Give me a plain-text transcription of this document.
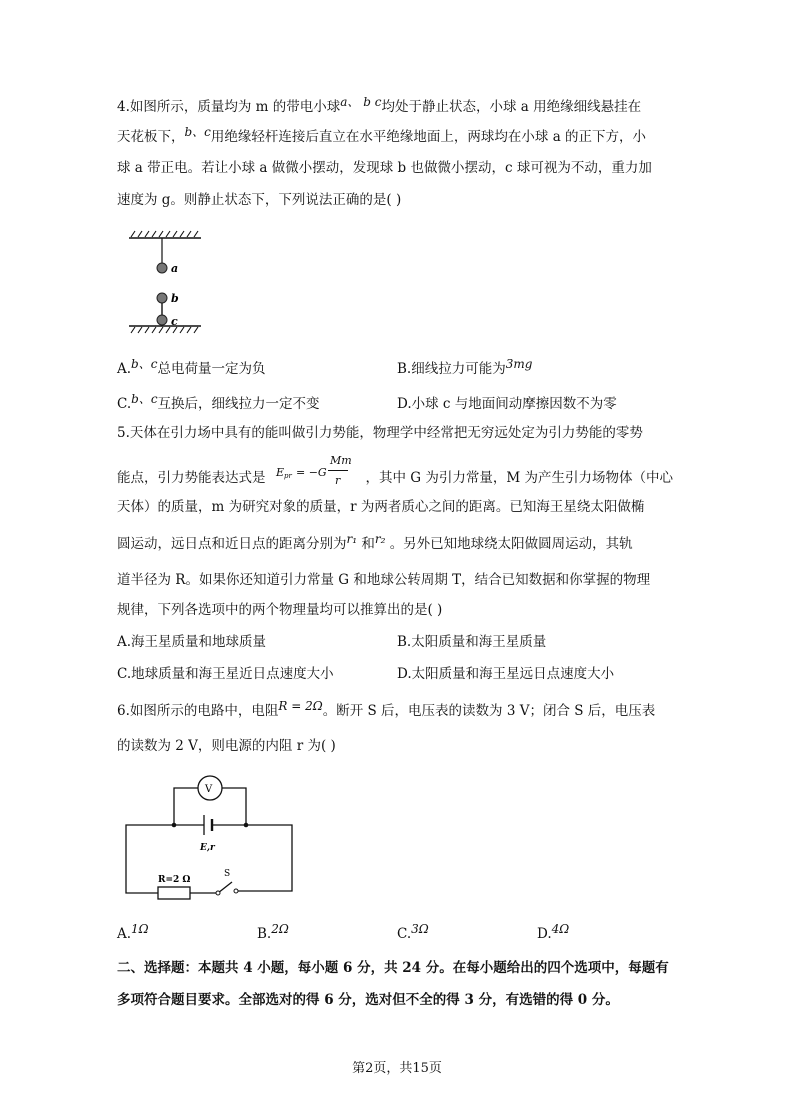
4.如图所示，质量均为 m 的带电小球a、 b c均处于静止状态，小球 a 用绝缘细线悬挂在
天花板下，b、c用绝缘轻杆连接后直立在水平绝缘地面上，两球均在小球 a 的正下方，小
球 a 带正电。若让小球 a 做微小摆动，发现球 b 也做微小摆动，c 球可视为不动，重力加
速度为 g。则静止状态下，下列说法正确的是( )
a
b
c
A.b、c总电荷量一定为负	B.细线拉力可能为3mg
C.b、c互换后，细线拉力一定不变	D.小球 c 与地面间动摩擦因数不为零
5.天体在引力场中具有的能叫做引力势能，物理学中经常把无穷远处定为引力势能的零势
能点，引力势能表达式是	，其中 G 为引力常量，M 为产生引力场物体（中心
E pr = −G
Mm
r
天体）的质量，m 为研究对象的质量，r 为两者质心之间的距离。已知海王星绕太阳做椭
圆运动，远日点和近日点的距离分别为r₁ 和r₂ 。另外已知地球绕太阳做圆周运动，其轨
道半径为 R。如果你还知道引力常量 G 和地球公转周期 T，结合已知数据和你掌握的物理
规律，下列各选项中的两个物理量均可以推算出的是( )
A.海王星质量和地球质量	B.太阳质量和海王星质量
C.地球质量和海王星近日点速度大小	D.太阳质量和海王星远日点速度大小
6.如图所示的电路中，电阻R = 2Ω。断开 S 后，电压表的读数为 3 V；闭合 S 后，电压表
的读数为 2 V，则电源的内阻 r 为( )
V
E,r
R=2 Ω
S
A.1Ω	B.2Ω	C.3Ω	D.4Ω
二、选择题：本题共 4 小题，每小题 6 分，共 24 分。在每小题给出的四个选项中，每题有
多项符合题目要求。全部选对的得 6 分，选对但不全的得 3 分，有选错的得 0 分。
第2页，共15页
